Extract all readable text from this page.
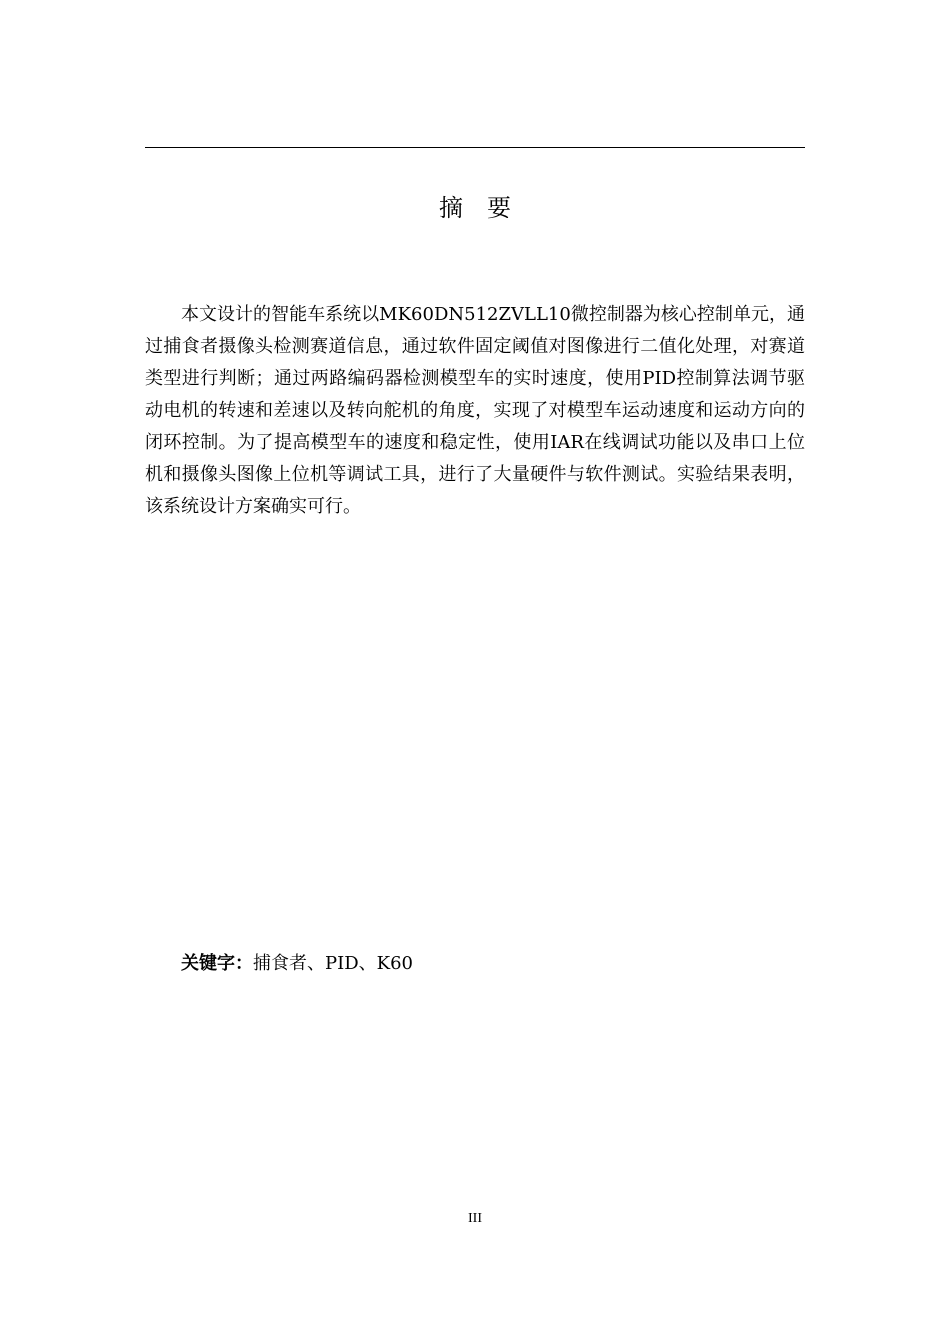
摘要

本文设计的智能车系统以MK60DN512ZVLL10微控制器为核心控制单元，通过捕食者摄像头检测赛道信息，通过软件固定阈值对图像进行二值化处理，对赛道类型进行判断；通过两路编码器检测模型车的实时速度，使用PID控制算法调节驱动电机的转速和差速以及转向舵机的角度，实现了对模型车运动速度和运动方向的闭环控制。为了提高模型车的速度和稳定性，使用IAR在线调试功能以及串口上位机和摄像头图像上位机等调试工具，进行了大量硬件与软件测试。实验结果表明，该系统设计方案确实可行。

关键字：捕食者、PID、K60
III
